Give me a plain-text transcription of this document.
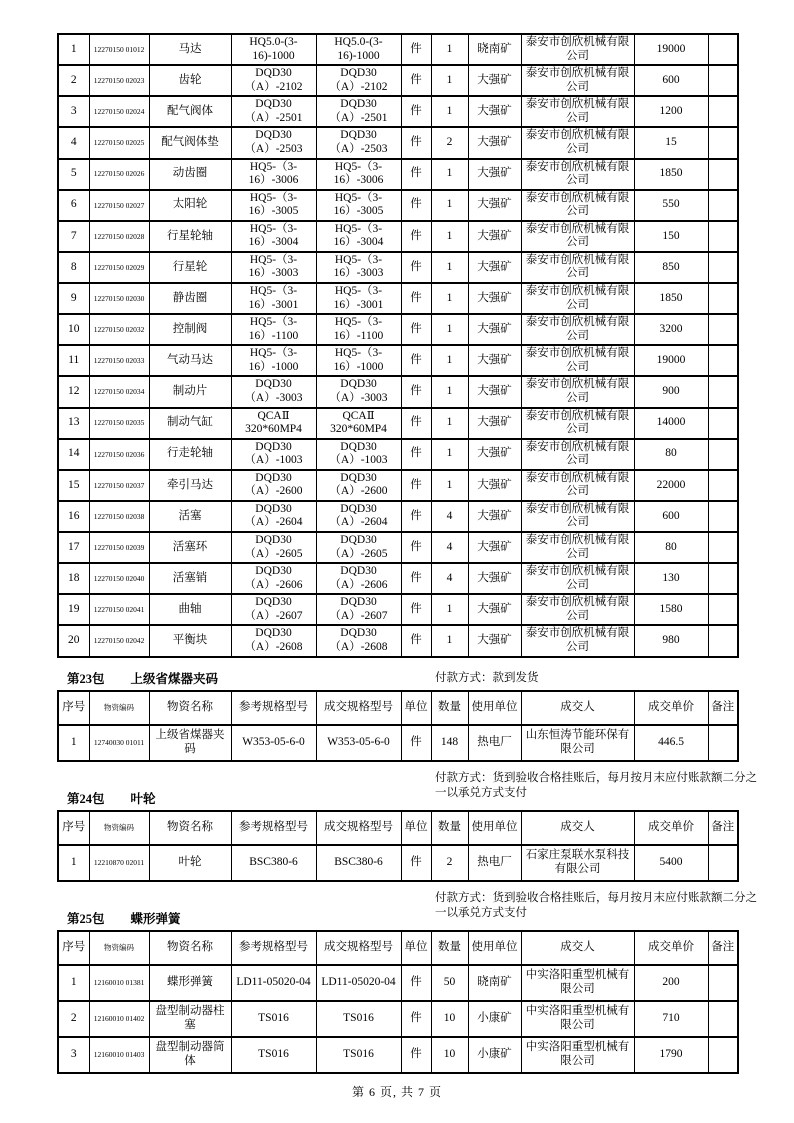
1	12270150 01012	马达	HQ5.0-(3-16)-1000	HQ5.0-(3-16)-1000	件	1	晓南矿	泰安市创欣机械有限公司	19000	
2	12270150 02023	齿轮	DQD30（A）-2102	DQD30（A）-2102	件	1	大强矿	泰安市创欣机械有限公司	600	
3	12270150 02024	配气阀体	DQD30（A）-2501	DQD30（A）-2501	件	1	大强矿	泰安市创欣机械有限公司	1200	
4	12270150 02025	配气阀体垫	DQD30（A）-2503	DQD30（A）-2503	件	2	大强矿	泰安市创欣机械有限公司	15	
5	12270150 02026	动齿圈	HQ5-（3-16）-3006	HQ5-（3-16）-3006	件	1	大强矿	泰安市创欣机械有限公司	1850	
6	12270150 02027	太阳轮	HQ5-（3-16）-3005	HQ5-（3-16）-3005	件	1	大强矿	泰安市创欣机械有限公司	550	
7	12270150 02028	行星轮轴	HQ5-（3-16）-3004	HQ5-（3-16）-3004	件	1	大强矿	泰安市创欣机械有限公司	150	
8	12270150 02029	行星轮	HQ5-（3-16）-3003	HQ5-（3-16）-3003	件	1	大强矿	泰安市创欣机械有限公司	850	
9	12270150 02030	静齿圈	HQ5-（3-16）-3001	HQ5-（3-16）-3001	件	1	大强矿	泰安市创欣机械有限公司	1850	
10	12270150 02032	控制阀	HQ5-（3-16）-1100	HQ5-（3-16）-1100	件	1	大强矿	泰安市创欣机械有限公司	3200	
11	12270150 02033	气动马达	HQ5-（3-16）-1000	HQ5-（3-16）-1000	件	1	大强矿	泰安市创欣机械有限公司	19000	
12	12270150 02034	制动片	DQD30（A）-3003	DQD30（A）-3003	件	1	大强矿	泰安市创欣机械有限公司	900	
13	12270150 02035	制动气缸	QCAⅡ 320*60MP4	QCAⅡ 320*60MP4	件	1	大强矿	泰安市创欣机械有限公司	14000	
14	12270150 02036	行走轮轴	DQD30（A）-1003	DQD30（A）-1003	件	1	大强矿	泰安市创欣机械有限公司	80	
15	12270150 02037	牵引马达	DQD30（A）-2600	DQD30（A）-2600	件	1	大强矿	泰安市创欣机械有限公司	22000	
16	12270150 02038	活塞	DQD30（A）-2604	DQD30（A）-2604	件	4	大强矿	泰安市创欣机械有限公司	600	
17	12270150 02039	活塞环	DQD30（A）-2605	DQD30（A）-2605	件	4	大强矿	泰安市创欣机械有限公司	80	
18	12270150 02040	活塞销	DQD30（A）-2606	DQD30（A）-2606	件	4	大强矿	泰安市创欣机械有限公司	130	
19	12270150 02041	曲轴	DQD30（A）-2607	DQD30（A）-2607	件	1	大强矿	泰安市创欣机械有限公司	1580	
20	12270150 02042	平衡块	DQD30（A）-2608	DQD30（A）-2608	件	1	大强矿	泰安市创欣机械有限公司	980	
第23包 上级省煤器夹码	付款方式：款到发货
序号	物资编码	物资名称	参考规格型号	成交规格型号	单位	数量	使用单位	成交人	成交单价	备注
1	12740030 01011	上级省煤器夹码	W353-05-6-0	W353-05-6-0	件	148	热电厂	山东恒涛节能环保有限公司	446.5	
第24包 叶轮
付款方式：货到验收合格挂账后，每月按月末应付账款额二分之一以承兑方式支付
序号	物资编码	物资名称	参考规格型号	成交规格型号	单位	数量	使用单位	成交人	成交单价	备注
1	12210870 02011	叶轮	BSC380-6	BSC380-6	件	2	热电厂	石家庄泵联水泵科技有限公司	5400	
第25包 蝶形弹簧
付款方式：货到验收合格挂账后，每月按月末应付账款额二分之一以承兑方式支付
序号	物资编码	物资名称	参考规格型号	成交规格型号	单位	数量	使用单位	成交人	成交单价	备注
1	12160010 01381	蝶形弹簧	LD11-05020-04	LD11-05020-04	件	50	晓南矿	中实洛阳重型机械有限公司	200	
2	12160010 01402	盘型制动器柱塞	TS016	TS016	件	10	小康矿	中实洛阳重型机械有限公司	710	
3	12160010 01403	盘型制动器筒体	TS016	TS016	件	10	小康矿	中实洛阳重型机械有限公司	1790	
第 6 页, 共 7 页
